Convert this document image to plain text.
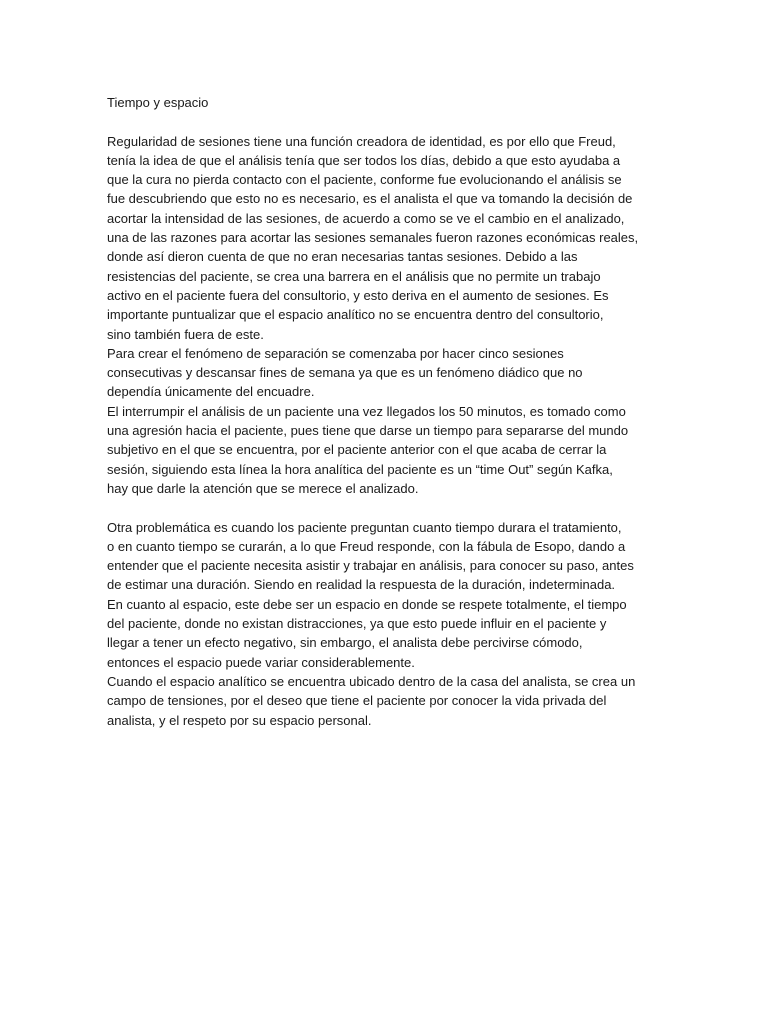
Tiempo y espacio
Regularidad de sesiones tiene una función creadora de identidad, es por ello que Freud,
tenía la idea de que el análisis tenía que ser todos los días, debido a que esto ayudaba a
que la cura no pierda contacto con el paciente, conforme fue evolucionando el análisis se
fue descubriendo que esto no es necesario, es el analista el que va tomando la decisión de
acortar la intensidad de las sesiones, de acuerdo a como se ve el cambio en el analizado,
una de las razones para acortar las sesiones semanales fueron razones económicas reales,
donde así dieron cuenta de que no eran necesarias tantas sesiones. Debido a las
resistencias del paciente, se crea una barrera en el análisis que no permite un trabajo
activo en el paciente fuera del consultorio, y esto deriva en el aumento de sesiones. Es
importante puntualizar que el espacio analítico no se encuentra dentro del consultorio,
sino también fuera de este.
Para crear el fenómeno de separación se comenzaba por hacer cinco sesiones
consecutivas y descansar fines de semana ya que es un fenómeno diádico que no
dependía únicamente del encuadre.
El interrumpir el análisis de un paciente una vez llegados los 50 minutos, es tomado como
una agresión hacia el paciente, pues tiene que darse un tiempo para separarse del mundo
subjetivo en el que se encuentra, por el paciente anterior con el que acaba de cerrar la
sesión, siguiendo esta línea la hora analítica del paciente es un “time Out” según Kafka,
hay que darle la atención que se merece el analizado.
Otra problemática es cuando los paciente preguntan cuanto tiempo durara el tratamiento,
o en cuanto tiempo se curarán, a lo que Freud responde, con la fábula de Esopo, dando a
entender que el paciente necesita asistir y trabajar en análisis, para conocer su paso, antes
de estimar una duración. Siendo en realidad la respuesta de la duración, indeterminada.
En cuanto al espacio, este debe ser un espacio en donde se respete totalmente, el tiempo
del paciente, donde no existan distracciones, ya que esto puede influir en el paciente y
llegar a tener un efecto negativo, sin embargo, el analista debe percivirse cómodo,
entonces el espacio puede variar considerablemente.
Cuando el espacio analítico se encuentra ubicado dentro de la casa del analista, se crea un
campo de tensiones, por el deseo que tiene el paciente por conocer la vida privada del
analista, y el respeto por su espacio personal.
